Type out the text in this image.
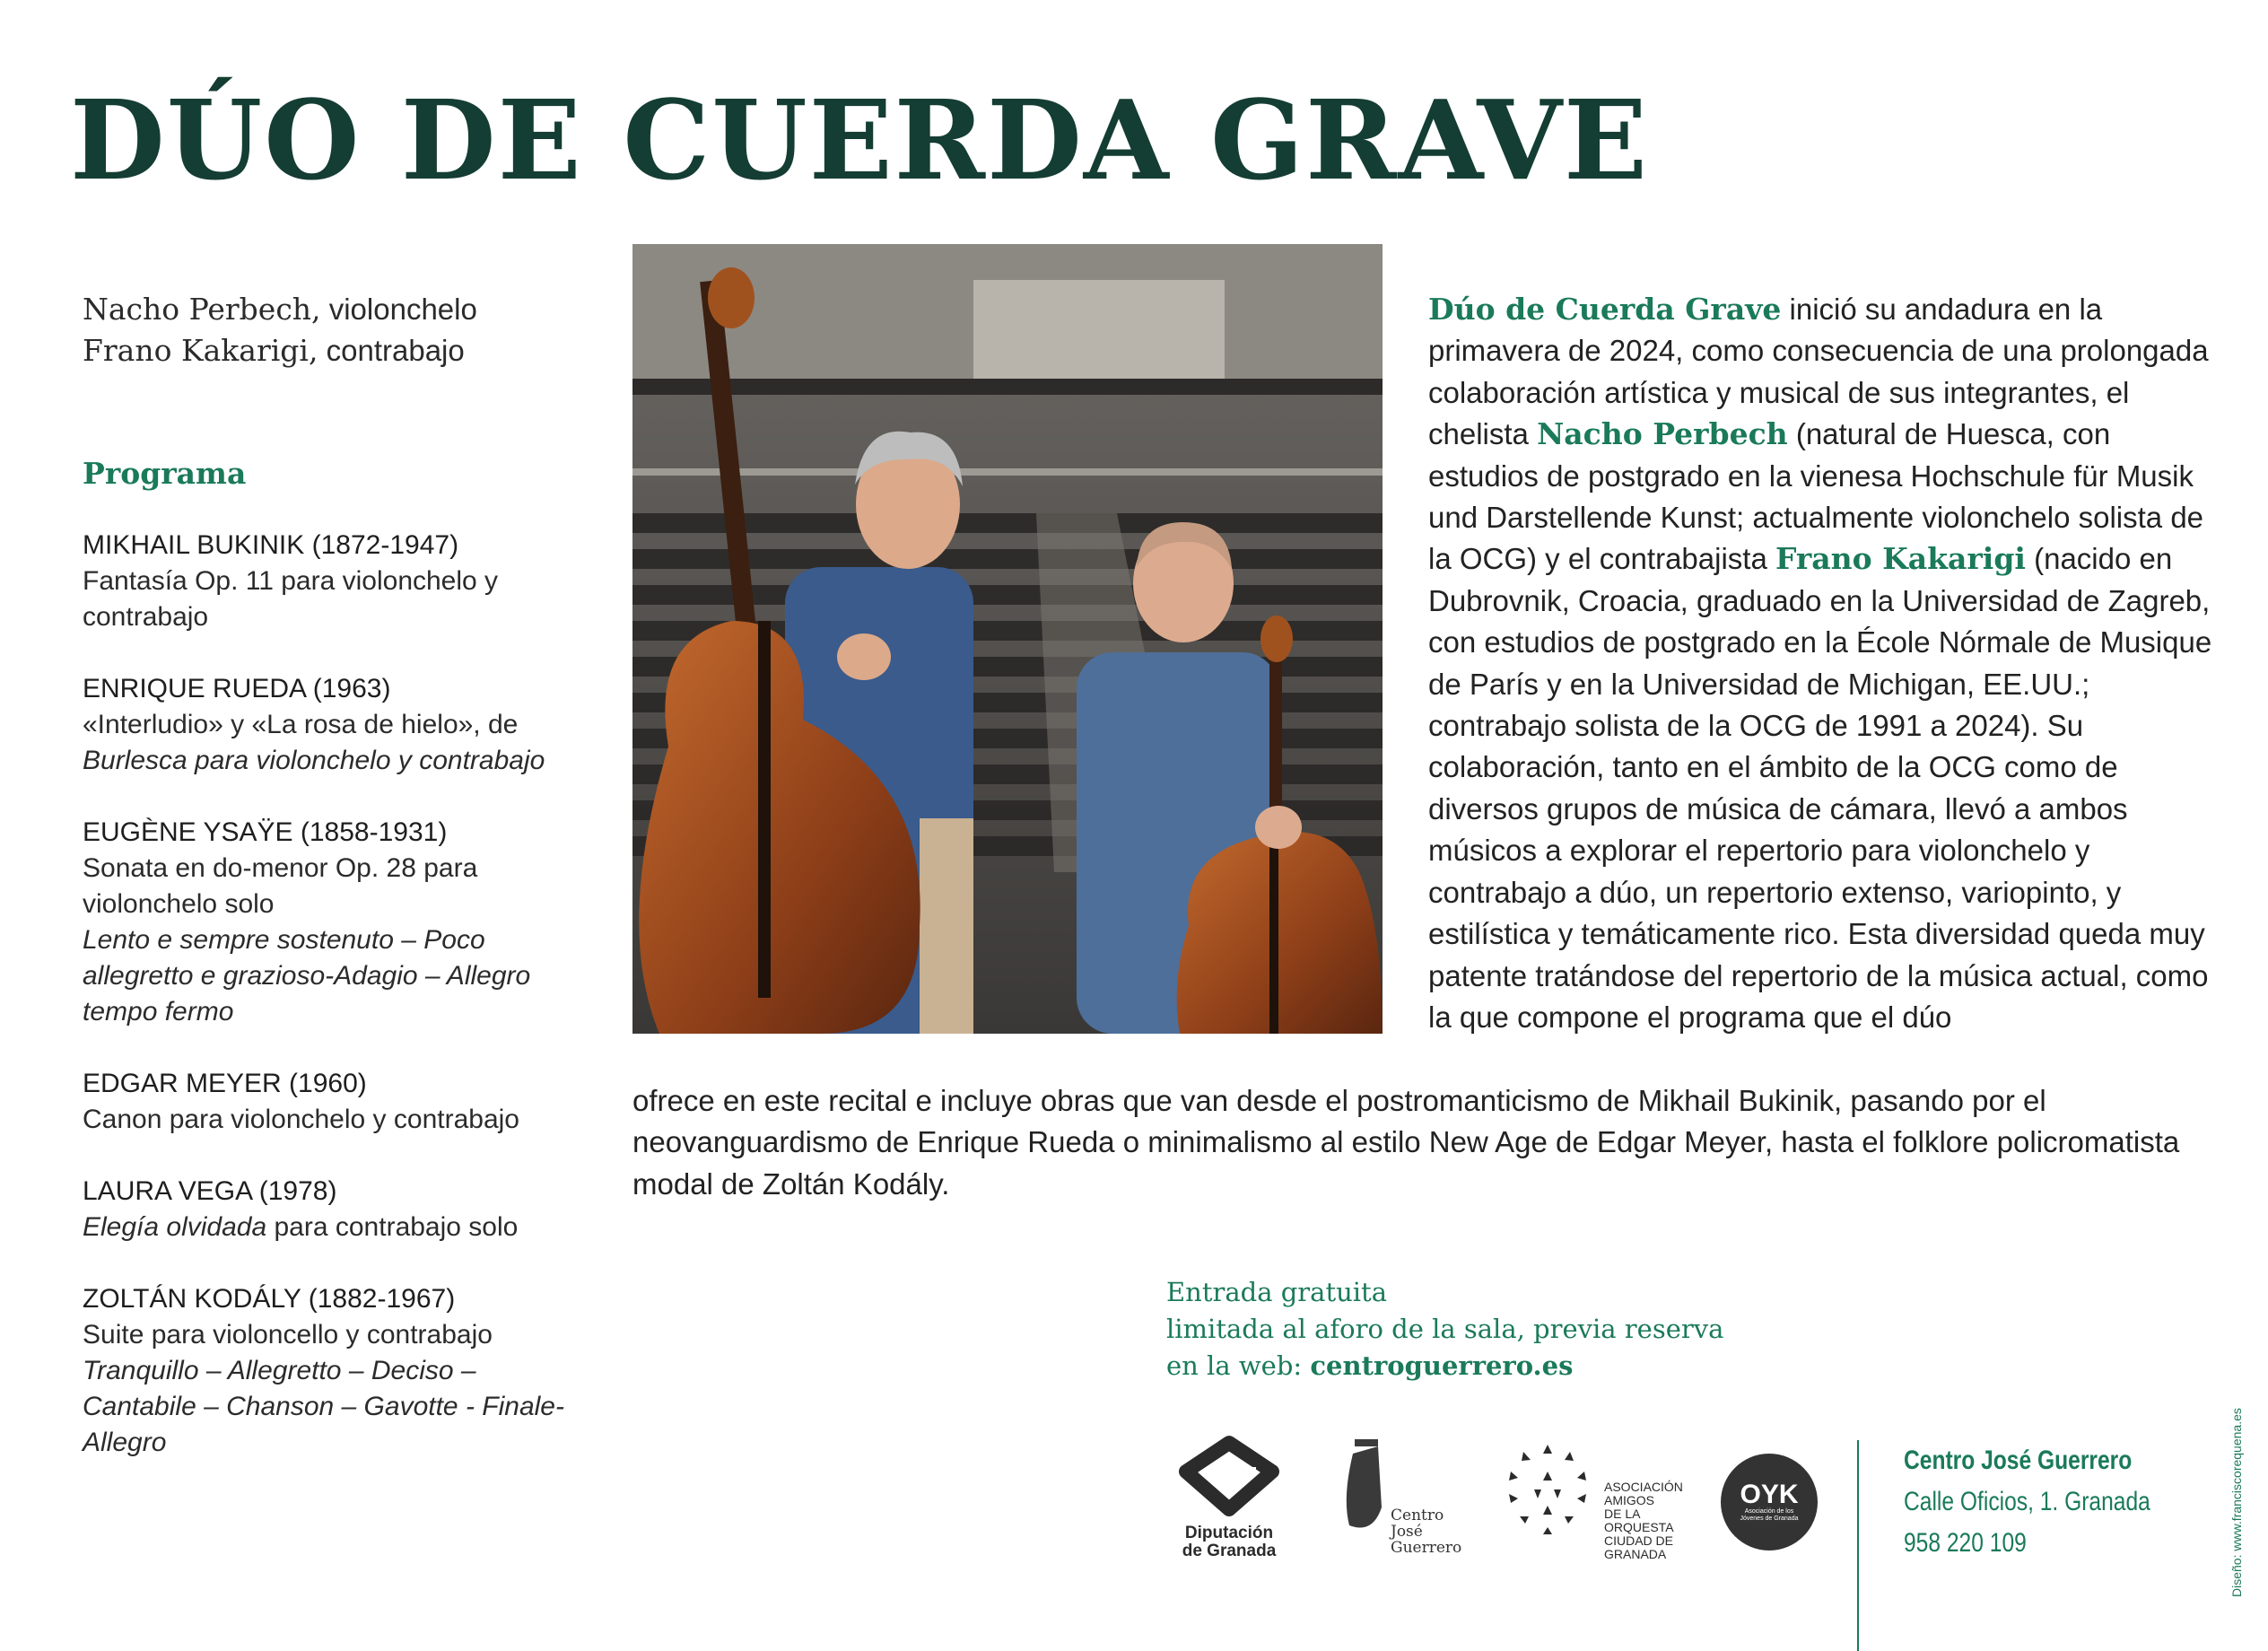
DÚO DE CUERDA GRAVE
Nacho Perbech, violonchelo
Frano Kakarigi, contrabajo
Programa
MIKHAIL BUKINIK (1872-1947)
Fantasía Op. 11 para violonchelo y contrabajo
ENRIQUE RUEDA (1963)
«Interludio» y «La rosa de hielo», de
Burlesca para violonchelo y contrabajo
EUGÈNE YSAŸE (1858-1931)
Sonata en do-menor Op. 28 para violonchelo solo
Lento e sempre sostenuto – Poco allegretto e grazioso-Adagio – Allegro tempo fermo
EDGAR MEYER (1960)
Canon para violonchelo y contrabajo
LAURA VEGA (1978)
Elegía olvidada para contrabajo solo
ZOLTÁN KODÁLY (1882-1967)
Suite para violoncello y contrabajo
Tranquillo – Allegretto – Deciso – Cantabile – Chanson – Gavotte - Finale-Allegro
Dúo de Cuerda Grave inició su andadura en la primavera de 2024, como consecuencia de una prolongada colaboración artística y musical de sus integrantes, el chelista Nacho Perbech (natural de Huesca, con estudios de postgrado en la vienesa Hochschule für Musik und Darstellende Kunst; actualmente violonchelo solista de la OCG) y el contrabajista Frano Kakarigi (nacido en Dubrovnik, Croacia, graduado en la Universidad de Zagreb, con estudios de postgrado en la École Nórmale de Musique de París y en la Universidad de Michigan, EE.UU.; contrabajo solista de la OCG de 1991 a 2024). Su colaboración, tanto en el ámbito de la OCG como de diversos grupos de música de cámara, llevó a ambos músicos a explorar el repertorio para violonchelo y contrabajo a dúo, un repertorio extenso, variopinto, y estilística y temáticamente rico. Esta diversidad queda muy patente tratándose del repertorio de la música actual, como la que compone el programa que el dúo
ofrece en este recital e incluye obras que van desde el postromanticismo de Mikhail Bukinik, pasando por el neovanguardismo de Enrique Rueda o minimalismo al estilo New Age de Edgar Meyer, hasta el folklore policromatista modal de Zoltán Kodály.
Entrada gratuita
limitada al aforo de la sala, previa reserva
en la web: centroguerrero.es
Diputación
de Granada
Centro
José
Guerrero
ASOCIACIÓN
AMIGOS
DE LA
ORQUESTA
CIUDAD DE
GRANADA
OYK
Asociación de los Jóvenes de Granada
Centro José Guerrero
Calle Oficios, 1. Granada
958 220 109	Diseño: www.franciscorequena.es
